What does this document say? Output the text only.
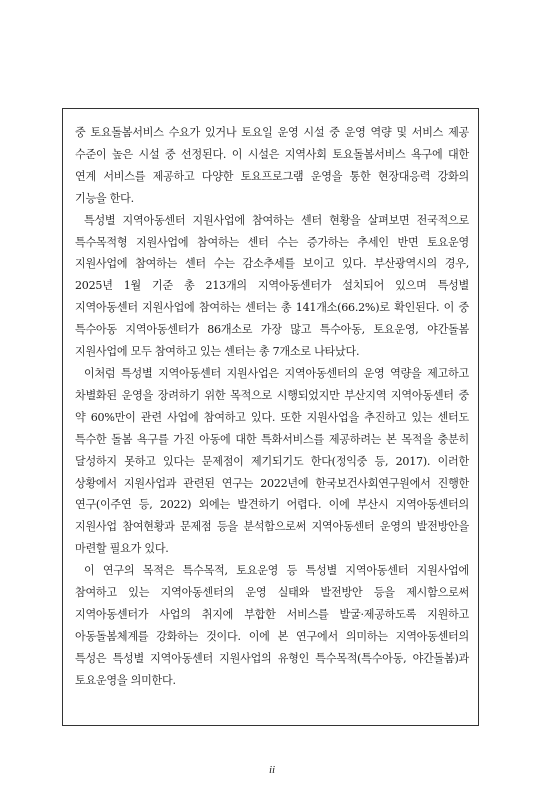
중 토요돌봄서비스 수요가 있거나 토요일 운영 시설 중 운영 역량 및 서비스 제공 수준이 높은 시설 중 선정된다. 이 시설은 지역사회 토요돌봄서비스 욕구에 대한 연계 서비스를 제공하고 다양한 토요프로그램 운영을 통한 현장대응력 강화의 기능을 한다.

특성별 지역아동센터 지원사업에 참여하는 센터 현황을 살펴보면 전국적으로 특수목적형 지원사업에 참여하는 센터 수는 증가하는 추세인 반면 토요운영 지원사업에 참여하는 센터 수는 감소추세를 보이고 있다. 부산광역시의 경우, 2025년 1월 기준 총 213개의 지역아동센터가 설치되어 있으며 특성별 지역아동센터 지원사업에 참여하는 센터는 총 141개소(66.2%)로 확인된다. 이 중 특수아동 지역아동센터가 86개소로 가장 많고 특수아동, 토요운영, 야간돌봄 지원사업에 모두 참여하고 있는 센터는 총 7개소로 나타났다.

이처럼 특성별 지역아동센터 지원사업은 지역아동센터의 운영 역량을 제고하고 차별화된 운영을 장려하기 위한 목적으로 시행되었지만 부산지역 지역아동센터 중 약 60%만이 관련 사업에 참여하고 있다. 또한 지원사업을 추진하고 있는 센터도 특수한 돌봄 욕구를 가진 아동에 대한 특화서비스를 제공하려는 본 목적을 충분히 달성하지 못하고 있다는 문제점이 제기되기도 한다(정익중 등, 2017). 이러한 상황에서 지원사업과 관련된 연구는 2022년에 한국보건사회연구원에서 진행한 연구(이주연 등, 2022) 외에는 발견하기 어렵다. 이에 부산시 지역아동센터의 지원사업 참여현황과 문제점 등을 분석함으로써 지역아동센터 운영의 발전방안을 마련할 필요가 있다.

이 연구의 목적은 특수목적, 토요운영 등 특성별 지역아동센터 지원사업에 참여하고 있는 지역아동센터의 운영 실태와 발전방안 등을 제시함으로써 지역아동센터가 사업의 취지에 부합한 서비스를 발굴·제공하도록 지원하고 아동돌봄체계를 강화하는 것이다. 이에 본 연구에서 의미하는 지역아동센터의 특성은 특성별 지역아동센터 지원사업의 유형인 특수목적(특수아동, 야간돌봄)과 토요운영을 의미한다.

ii
